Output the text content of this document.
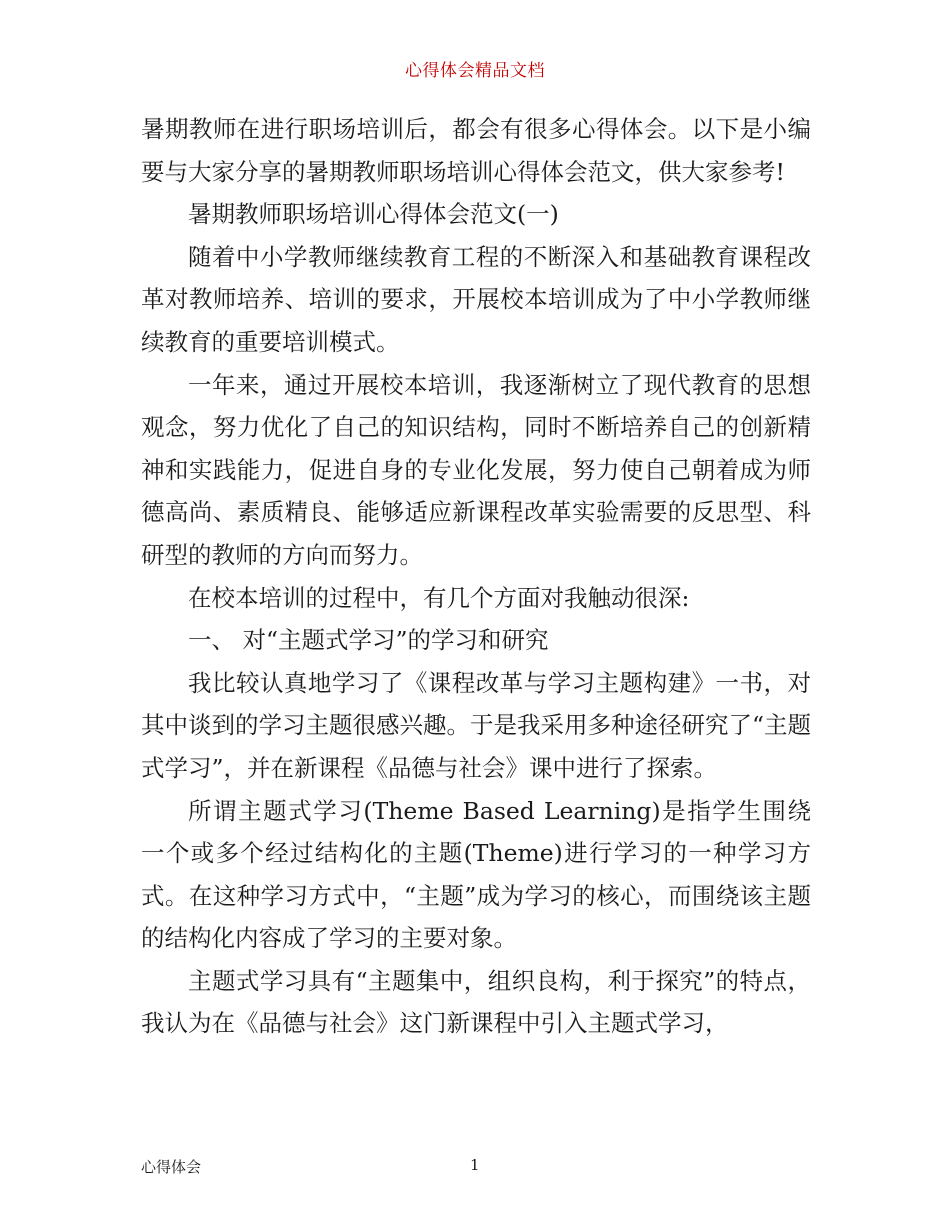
心得体会精品文档

暑期教师在进行职场培训后，都会有很多心得体会。以下是小编要与大家分享的暑期教师职场培训心得体会范文，供大家参考!

暑期教师职场培训心得体会范文(一)

随着中小学教师继续教育工程的不断深入和基础教育课程改革对教师培养、培训的要求，开展校本培训成为了中小学教师继续教育的重要培训模式。

一年来，通过开展校本培训，我逐渐树立了现代教育的思想观念，努力优化了自己的知识结构，同时不断培养自己的创新精神和实践能力，促进自身的专业化发展，努力使自己朝着成为师德高尚、素质精良、能够适应新课程改革实验需要的反思型、科研型的教师的方向而努力。

在校本培训的过程中，有几个方面对我触动很深:

一、 对“主题式学习”的学习和研究

我比较认真地学习了《课程改革与学习主题构建》一书，对其中谈到的学习主题很感兴趣。于是我采用多种途径研究了“主题式学习”，并在新课程《品德与社会》课中进行了探索。

所谓主题式学习(Theme Based Learning)是指学生围绕一个或多个经过结构化的主题(Theme)进行学习的一种学习方式。在这种学习方式中，“主题”成为学习的核心，而围绕该主题的结构化内容成了学习的主要对象。

主题式学习具有“主题集中，组织良构，利于探究”的特点，我认为在《品德与社会》这门新课程中引入主题式学习，

心得体会	1
